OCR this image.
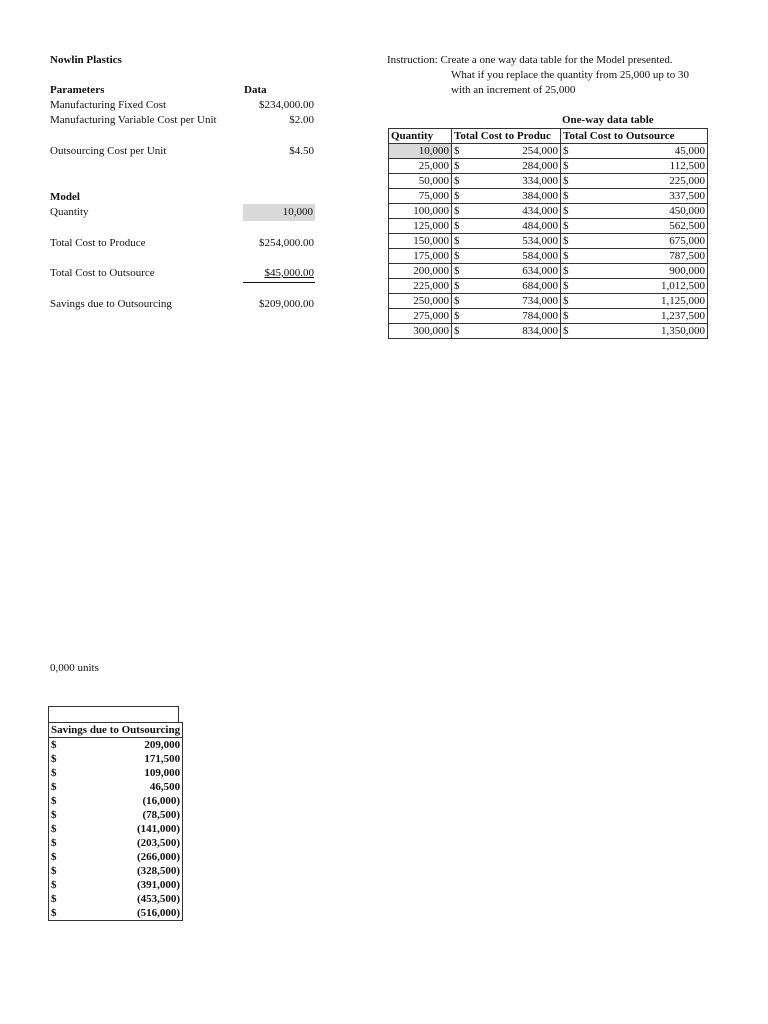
Nowlin Plastics	Instruction: Create a one way data table for the Model presented.
What if you replace the quantity from 25,000 up to 30
with an increment of 25,000
Parameters	Data
Manufacturing Fixed Cost	$234,000.00
Manufacturing Variable Cost per Unit	$2.00
Outsourcing Cost per Unit	$4.50
Model
Quantity	10,000
Total Cost to Produce	$254,000.00
Total Cost to Outsource	$45,000.00
Savings due to Outsourcing	$209,000.00
One-way data table
Quantity	Total Cost to Produc		Total Cost to Outsource	
10,000	$	254,000	$	45,000
25,000	$	284,000	$	112,500
50,000	$	334,000	$	225,000
75,000	$	384,000	$	337,500
100,000	$	434,000	$	450,000
125,000	$	484,000	$	562,500
150,000	$	534,000	$	675,000
175,000	$	584,000	$	787,500
200,000	$	634,000	$	900,000
225,000	$	684,000	$	1,012,500
250,000	$	734,000	$	1,125,000
275,000	$	784,000	$	1,237,500
300,000	$	834,000	$	1,350,000
0,000 units
Savings due to Outsourcing	
$	209,000
$	171,500
$	109,000
$	46,500
$	(16,000)
$	(78,500)
$	(141,000)
$	(203,500)
$	(266,000)
$	(328,500)
$	(391,000)
$	(453,500)
$	(516,000)
